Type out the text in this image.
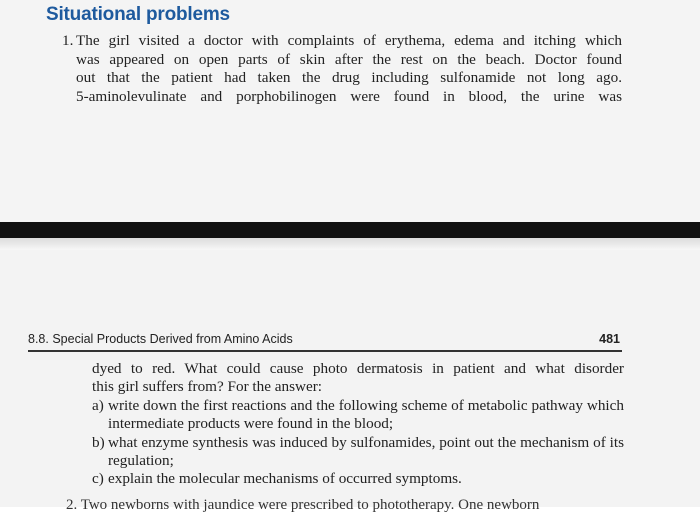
Situational problems
1. The girl visited a doctor with complaints of erythema, edema and itching which
was appeared on open parts of skin after the rest on the beach. Doctor found
out that the patient had taken the drug including sulfonamide not long ago.
5-aminolevulinate and porphobilinogen were found in blood, the urine was
8.8. Special Products Derived from Amino Acids	481

dyed to red. What could cause photo dermatosis in patient and what disorder

this girl suffers from? For the answer:

a) write down the first reactions and the following scheme of metabolic pathway which intermediate products were found in the blood;
b) what enzyme synthesis was induced by sulfonamides, point out the mechanism of its regulation;
c) explain the molecular mechanisms of occurred symptoms.
2. Two newborns with jaundice were prescribed to phototherapy. One newborn
